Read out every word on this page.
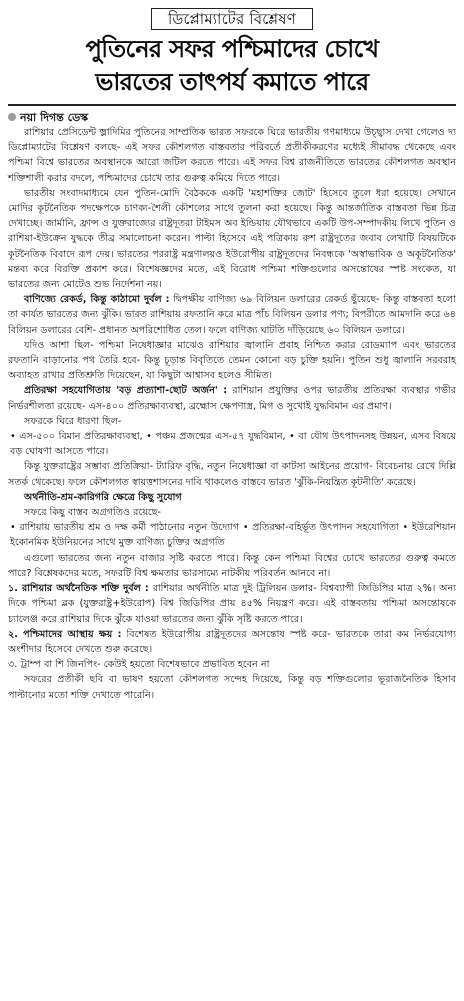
ডিপ্লোম্যাটের বিশ্লেষণ
পুতিনের সফর পশ্চিমাদের চোখে
ভারতের তাৎপর্য কমাতে পারে
নয়া দিগন্ত ডেস্ক

রাশিয়ার প্রেসিডেন্ট ভ্লাদিমির পুতিনের সাম্প্রতিক ভারত সফরকে ঘিরে ভারতীয় গণমাধ্যমে উচ্ছ্বাস দেখা গেলেও দ্য ডিপ্লোম্যাটের বিশ্লেষণ বলছে- এই সফর কৌশলগত বাস্তবতার পরিবর্তে প্রতীকীকরণের মধ্যেই সীমাবদ্ধ থেকেছে এবং পশ্চিমা বিশ্বে ভারতের অবস্থানকে আরো জটিল করতে পারে। এই সফর বিশ্ব রাজনীতিতে ভারতের কৌশলগত অবস্থান শক্তিশালী করার বদলে, পশ্চিমাদের চোখে তার গুরুত্ব কমিয়ে দিতে পারে।

ভারতীয় সংবাদমাধ্যমে যেন পুতিন-মোদি বৈঠককে একটি 'মহাশক্তির জোট' হিসেবে তুলে ধরা হয়েছে। সেখানে মোদির কূটনৈতিক পদক্ষেপকে চাণক্য-শৈলী কৌশলের সাথে তুলনা করা হয়েছে। কিন্তু আন্তর্জাতিক বাস্তবতা ভিন্ন চিত্র দেখাচ্ছে। জার্মানি, ফ্রান্স ও যুক্তরাজ্যের রাষ্ট্রদূতরা টাইমস অব ইন্ডিয়ায় যৌথভাবে একটি উপ-সম্পাদকীয় লিখে পুতিন ও রাশিয়া-ইউক্রেন যুদ্ধকে তীব্র সমালোচনা করেন। পাল্টা হিসেবে এই পত্রিকায় রুশ রাষ্ট্রদূতের জবাব লেখাটি বিষয়টিকে কূটনৈতিক বিবাদে রূপ দেয়। ভারতের পররাষ্ট্র মন্ত্রণালয়ও ইউরোপীয় রাষ্ট্রদূতদের নিবন্ধকে 'অস্বাভাবিক ও অকূটনৈতিক' মন্তব্য করে বিরক্তি প্রকাশ করে। বিশেষজ্ঞদের মতে, এই বিরোধ পশ্চিমা শক্তিগুলোর অসন্তোষের স্পষ্ট সংকেত, যা ভারতের জন্য মোটেও শুভ নির্দেশনা নয়।

বাণিজ্যে রেকর্ড, কিন্তু কাঠামো দুর্বল : দ্বিপক্ষীয় বাণিজ্য ৬৯ বিলিয়ন ডলারের রেকর্ড ছুঁয়েছে- কিন্তু বাস্তবতা হলো তা কার্যত ভারতের জন্য ঝুঁকি। ভারত রাশিয়ায় রফতানি করে মাত্র পাঁচ বিলিয়ন ডলার পণ্য; বিপরীতে আমদানি করে ৬৪ বিলিয়ন ডলারের বেশি- প্রধানত অপরিশোধিত তেল। ফলে বাণিজ্য ঘাটতি দাঁড়িয়েছে ৬০ বিলিয়ন ডলারে।

যদিও আশা ছিল- পশ্চিমা নিষেধাজ্ঞার মাঝেও রাশিয়ার জ্বালানি প্রবাহ নিশ্চিত করার রোডম্যাপ এবং ভারতের রফতানি বাড়ানোর পথ তৈরি হবে- কিন্তু চূড়ান্ত বিবৃতিতে তেমন কোনো বড় চুক্তি হয়নি। পুতিন শুধু জ্বালানি সরবরাহ অব্যাহত রাখার প্রতিশ্রুতি দিয়েছেন, যা কিছুটা আশ্বাসব হলেও সীমিত।

প্রতিরক্ষা সহযোগিতায় 'বড় প্রত্যাশা-ছোট অর্জন' : রাশিয়ান প্রযুক্তির ওপর ভারতীয় প্রতিরক্ষা ব্যবস্থার গভীর নির্ভরশীলতা রয়েছে- এস-৪০০ প্রতিরক্ষাব্যবস্থা, ব্রহ্মোস ক্ষেপণাস্ত্র, মিগ ও সুখোই যুদ্ধবিমান এর প্রমাণ।

সফরকে ঘিরে ধারণা ছিল-

• এস-৫০০ বিমান প্রতিরক্ষাব্যবস্থা, • পঞ্চম প্রজন্মের এস-৫৭ যুদ্ধবিমান, • বা যৌথ উৎপাদনসহ উন্নয়ন, এসব বিষয়ে বড় ঘোষণা আসতে পারে।

কিন্তু যুক্তরাষ্ট্রের সম্ভাব্য প্রতিক্রিয়া- ট্যারিফ বৃদ্ধি, নতুন নিষেধাজ্ঞা বা কাটসা আইনের প্রয়োগ- বিবেচনায় রেখে দিল্লি সতর্ক থেকেছে। ফলে কৌশলগত স্বায়ত্তশাসনের দাবি থাকলেও বাস্তবে ভারত 'ঝুঁকি-নিয়ন্ত্রিত কূটনীতি' করেছে।

অর্থনীতি-শ্রম-কারিগরি ক্ষেত্রে কিছু সুযোগ

সফরে কিছু বাস্তব অগ্রগতিও রয়েছে-

• রাশিয়ায় ভারতীয় শ্রম ও দক্ষ কর্মী পাঠানোর নতুন উদ্যোগ • প্রতিরক্ষা-বহির্ভূত উৎপাদন সহযোগিতা • ইউরেশিয়ান ইকোনমিক ইউনিয়নের সাথে মুক্ত বাণিজ্য চুক্তির অগ্রগতি

এগুলো ভারতের জন্য নতুন বাজার সৃষ্টি করতে পারে। কিন্তু কেন পশ্চিমা বিশ্বের চোখে ভারতের গুরুত্ব কমতে পারে? বিশ্লেষকদের মতে, সফরটি বিশ্ব ক্ষমতার ভারসাম্যে নাটকীয় পরিবর্তন আনবে না।

১. রাশিয়ার অর্থনৈতিক শক্তি দুর্বল : রাশিয়ার অর্থনীতি মাত্র দুই ট্রিলিয়ন ডলার- বিশ্বব্যাপী জিডিপির মাত্র ২%। অন্য দিকে পশ্চিমা ব্লক (যুক্তরাষ্ট্র+ইউরোপ) বিশ্ব জিডিপির প্রায় ৪৫% নিয়ন্ত্রণ করে। এই বাস্তবতায় পশ্চিমা অসন্তোষকে চ্যালেঞ্জ করে রাশিয়ার দিকে ঝুঁকে যাওয়া ভারতের জন্য ঝুঁকি সৃষ্টি করতে পারে।

২. পশ্চিমাদের আস্থায় ক্ষয় : বিশেষত ইউরোপীয় রাষ্ট্রদূতদের অসন্তোষ স্পষ্ট করে- ভারতকে তারা কম নির্ভরযোগ্য অংশীদার হিসেবে দেখতে শুরু করেছে।

৩. ট্রাম্প বা শি জিনপিং- কেউই হয়তো বিশেষভাবে প্রভাবিত হবেন না

সফরের প্রতীকী ছবি বা ভাষণ হয়তো কৌশলগত সন্দেহ দিয়েছে, কিন্তু বড় শক্তিগুলোর ভূরাজনৈতিক হিসাব পাল্টানোর মতো শক্তি দেখাতে পারেনি।
